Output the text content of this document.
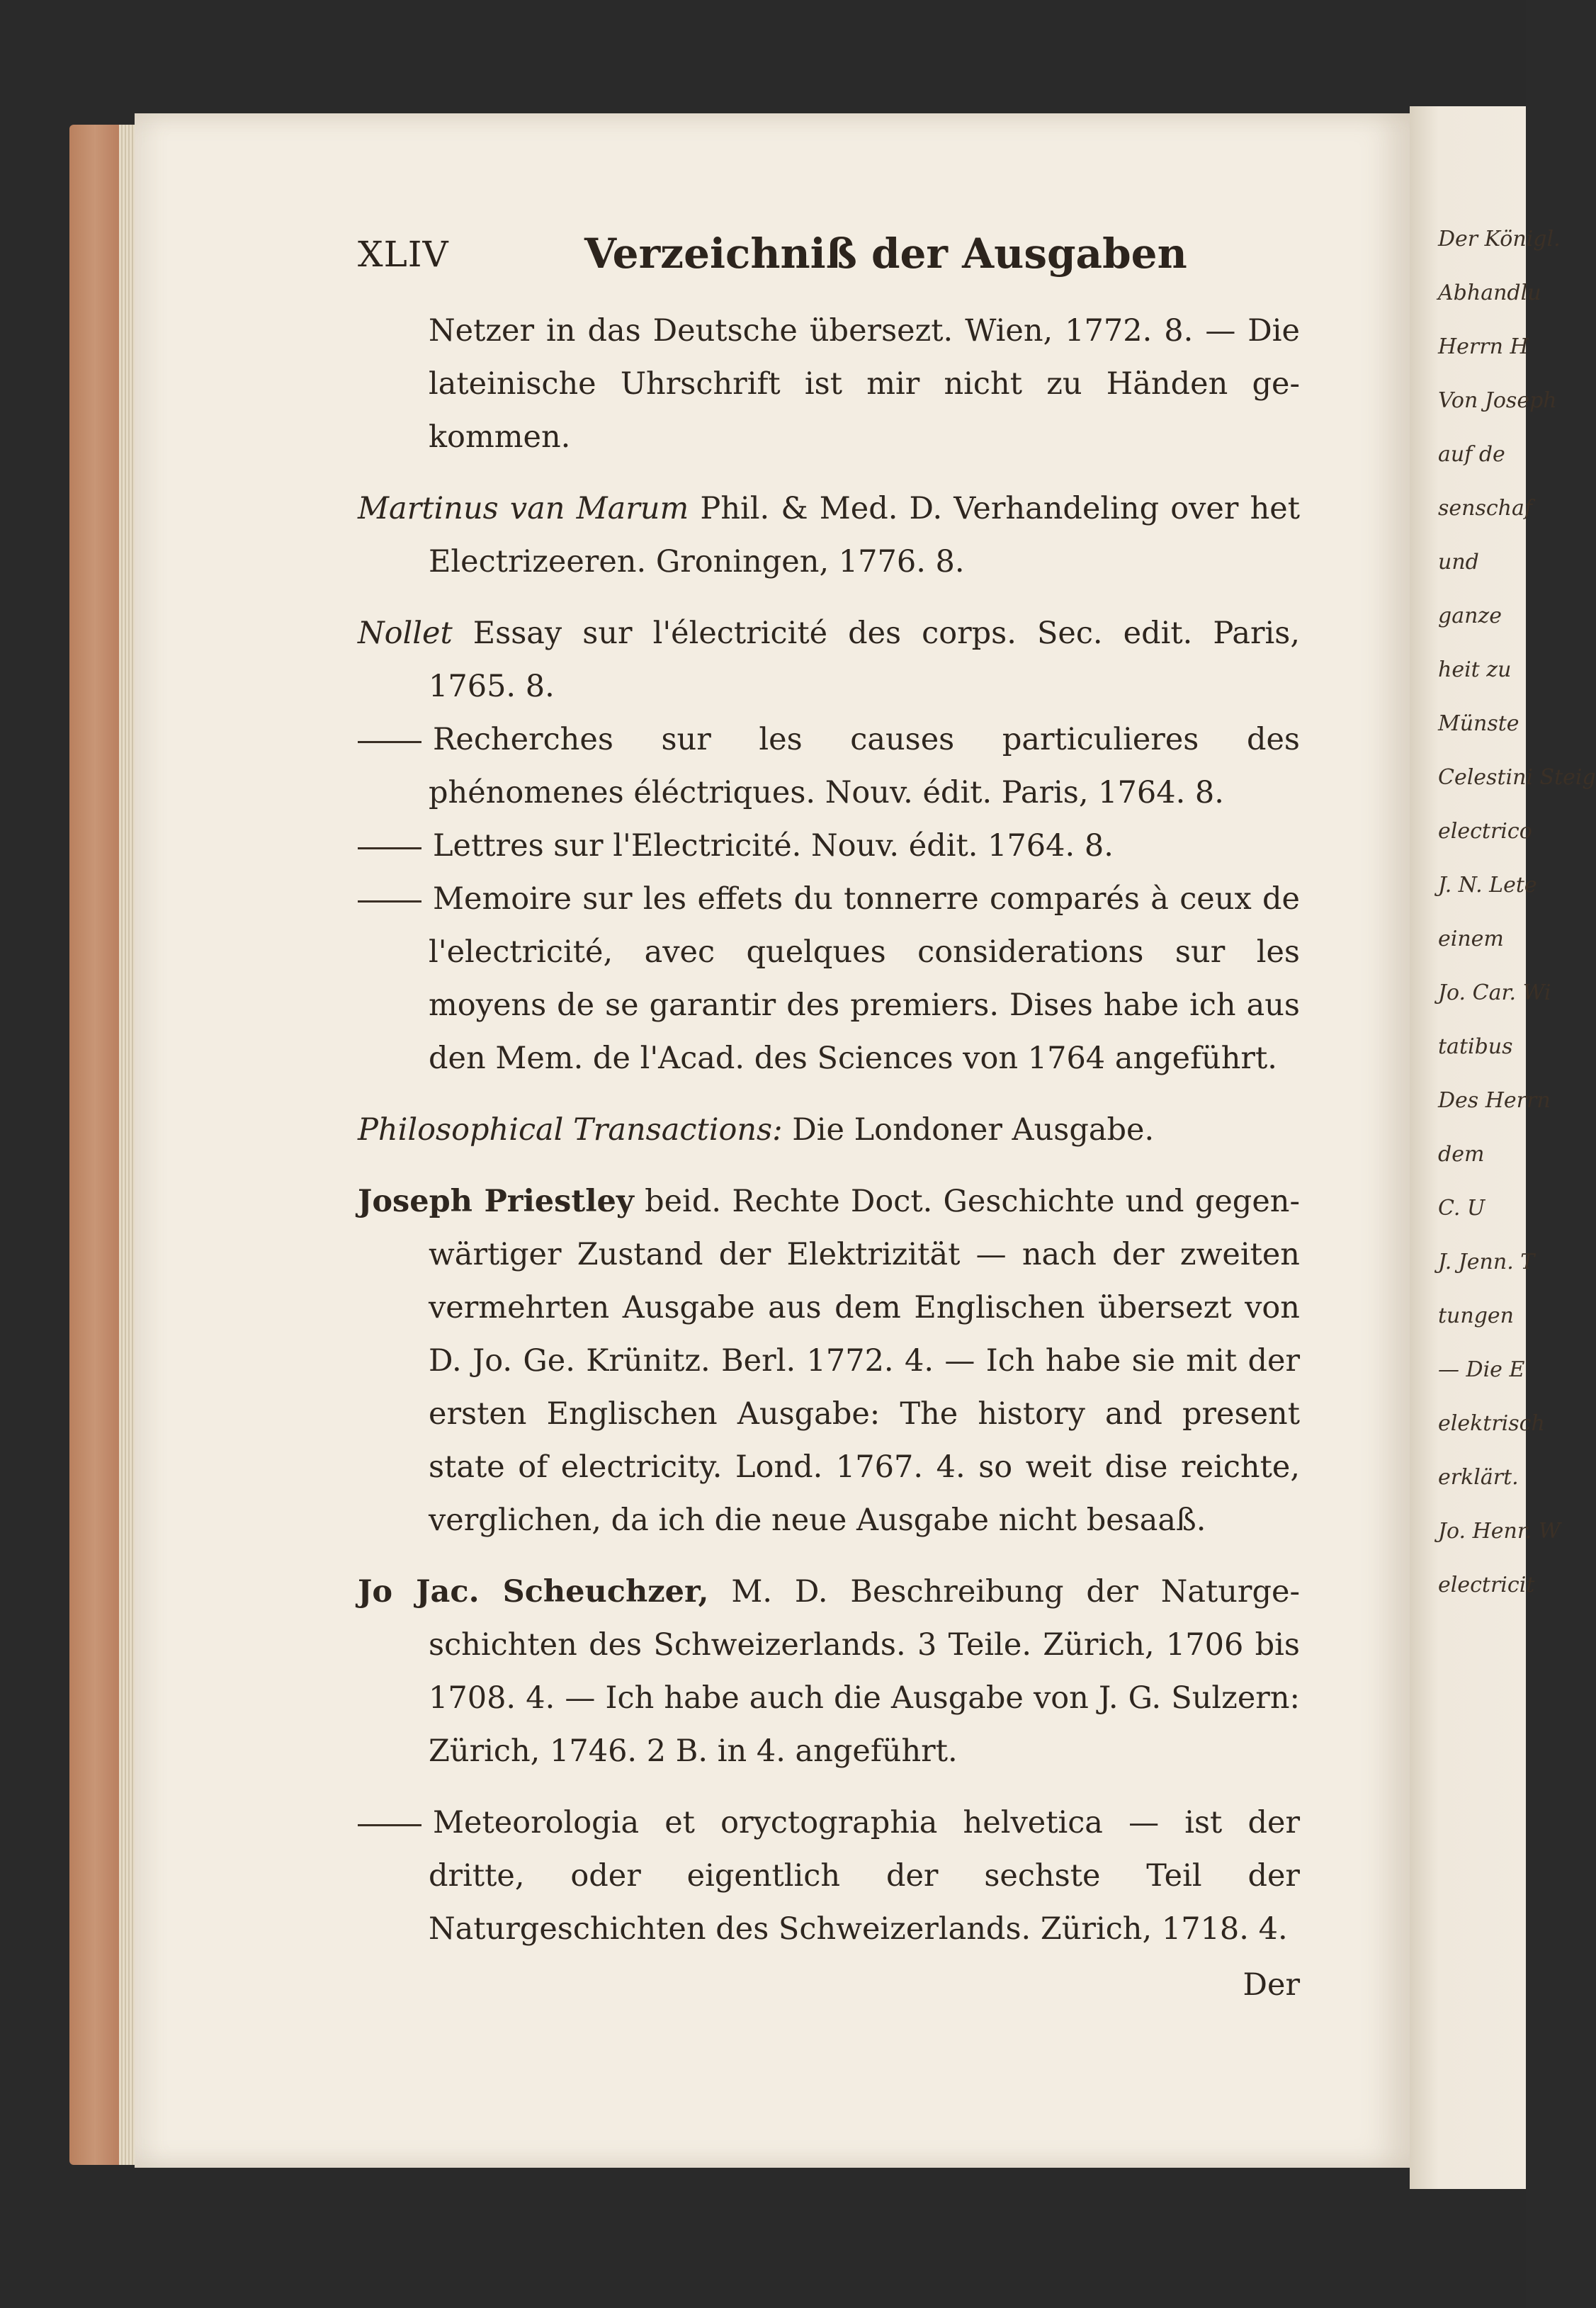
Der Königl.
Abhandlu
Herrn H
Von Joseph
auf de
senschaf
und
ganze
heit zu
Münste
Celestini Steig
electrico
J. N. Lete
einem
Jo. Car. Wi
tatibus
Des Herrn
dem
C. U
J. Jenn. T
tungen
— Die E
elektrisch
erklärt.
Jo. Henr. W
electricit
XLIV	Verzeichniß der Ausgaben

Netzer in das Deutsche übersezt. Wien, 1772. 8. — Die lateinische Uhrschrift ist mir nicht zu Händen ge- kommen.

Martinus van Marum Phil. & Med. D. Verhandeling over het Electrizeeren. Groningen, 1776. 8.

Nollet Essay sur l'électricité des corps. Sec. edit. Paris, 1765. 8.

Recherches sur les causes particulieres des phénomenes éléctriques. Nouv. édit. Paris, 1764. 8.

Lettres sur l'Electricité. Nouv. édit. 1764. 8.

Memoire sur les effets du tonnerre comparés à ceux de l'electricité, avec quelques considerations sur les moyens de se garantir des premiers. Dises habe ich aus den Mem. de l'Acad. des Sciences von 1764 angeführt.

Philosophical Transactions: Die Londoner Ausgabe.

Joseph Priestley beid. Rechte Doct. Geschichte und gegen- wärtiger Zustand der Elektrizität — nach der zweiten vermehrten Ausgabe aus dem Englischen übersezt von D. Jo. Ge. Krünitz. Berl. 1772. 4. — Ich habe sie mit der ersten Englischen Ausgabe: The history and present state of electricity. Lond. 1767. 4. so weit dise reichte, verglichen, da ich die neue Ausgabe nicht besaaß.

Jo Jac. Scheuchzer, M. D. Beschreibung der Naturge- schichten des Schweizerlands. 3 Teile. Zürich, 1706 bis 1708. 4. — Ich habe auch die Ausgabe von J. G. Sulzern: Zürich, 1746. 2 B. in 4. angeführt.

Meteorologia et oryctographia helvetica — ist der dritte, oder eigentlich der sechste Teil der Naturgeschichten des Schweizerlands. Zürich, 1718. 4.

Der
